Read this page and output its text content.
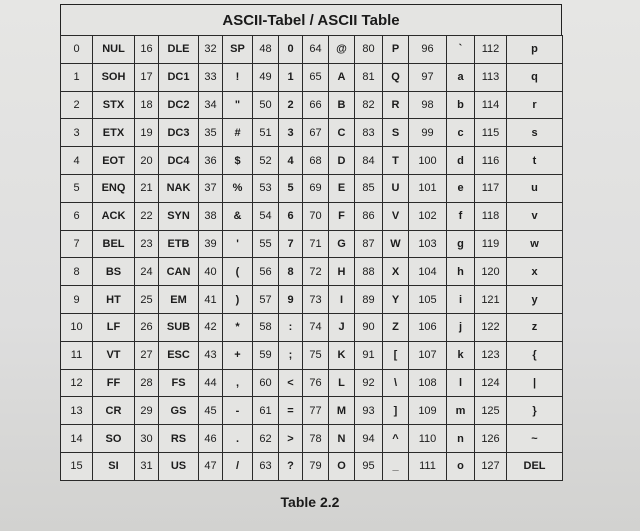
ASCII-Tabel / ASCII Table
0	NUL	16	DLE	32	SP	48	0	64	@	80	P	96	`	112	p
1	SOH	17	DC1	33	!	49	1	65	A	81	Q	97	a	113	q
2	STX	18	DC2	34	"	50	2	66	B	82	R	98	b	114	r
3	ETX	19	DC3	35	#	51	3	67	C	83	S	99	c	115	s
4	EOT	20	DC4	36	$	52	4	68	D	84	T	100	d	116	t
5	ENQ	21	NAK	37	%	53	5	69	E	85	U	101	e	117	u
6	ACK	22	SYN	38	&	54	6	70	F	86	V	102	f	118	v
7	BEL	23	ETB	39	'	55	7	71	G	87	W	103	g	119	w
8	BS	24	CAN	40	(	56	8	72	H	88	X	104	h	120	x
9	HT	25	EM	41	)	57	9	73	I	89	Y	105	i	121	y
10	LF	26	SUB	42	*	58	:	74	J	90	Z	106	j	122	z
11	VT	27	ESC	43	+	59	;	75	K	91	[	107	k	123	{
12	FF	28	FS	44	,	60	<	76	L	92	\	108	l	124	|
13	CR	29	GS	45	-	61	=	77	M	93	]	109	m	125	}
14	SO	30	RS	46	.	62	>	78	N	94	^	110	n	126	~
15	SI	31	US	47	/	63	?	79	O	95	_	111	o	127	DEL
Table 2.2
